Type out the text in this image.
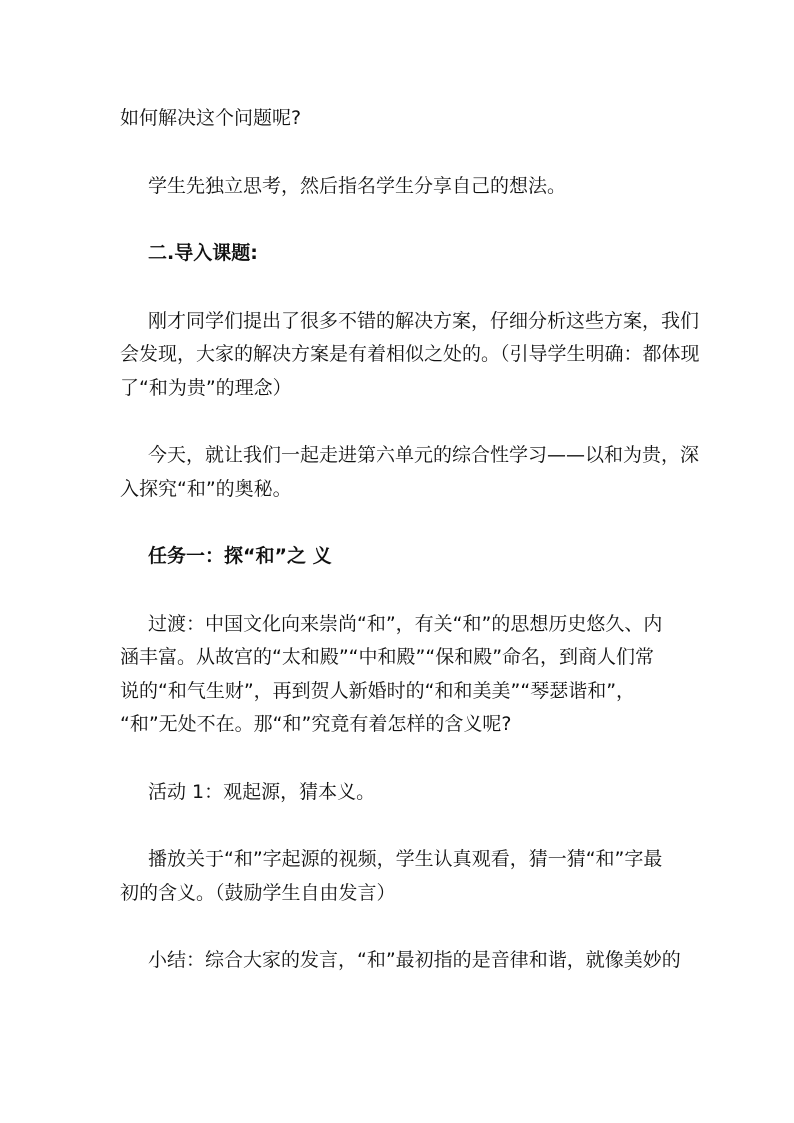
如何解决这个问题呢?

学生先独立思考，然后指名学生分享自己的想法。

二.导入课题:

刚才同学们提出了很多不错的解决方案，仔细分析这些方案，我们
会发现，大家的解决方案是有着相似之处的。（引导学生明确：都体现
了“和为贵”的理念）

今天，就让我们一起走进第六单元的综合性学习——以和为贵，深
入探究“和”的奥秘。

任务一：探“和”之 义

过渡：中国文化向来崇尚“和”，有关“和”的思想历史悠久、内
涵丰富。从故宫的“太和殿”“中和殿”“保和殿”命名，到商人们常
说的“和气生财”，再到贺人新婚时的“和和美美”“琴瑟谐和”，
“和”无处不在。那“和”究竟有着怎样的含义呢?

活动 1：观起源，猜本义。

播放关于“和”字起源的视频，学生认真观看，猜一猜“和”字最
初的含义。（鼓励学生自由发言）

小结：综合大家的发言，“和”最初指的是音律和谐，就像美妙的
